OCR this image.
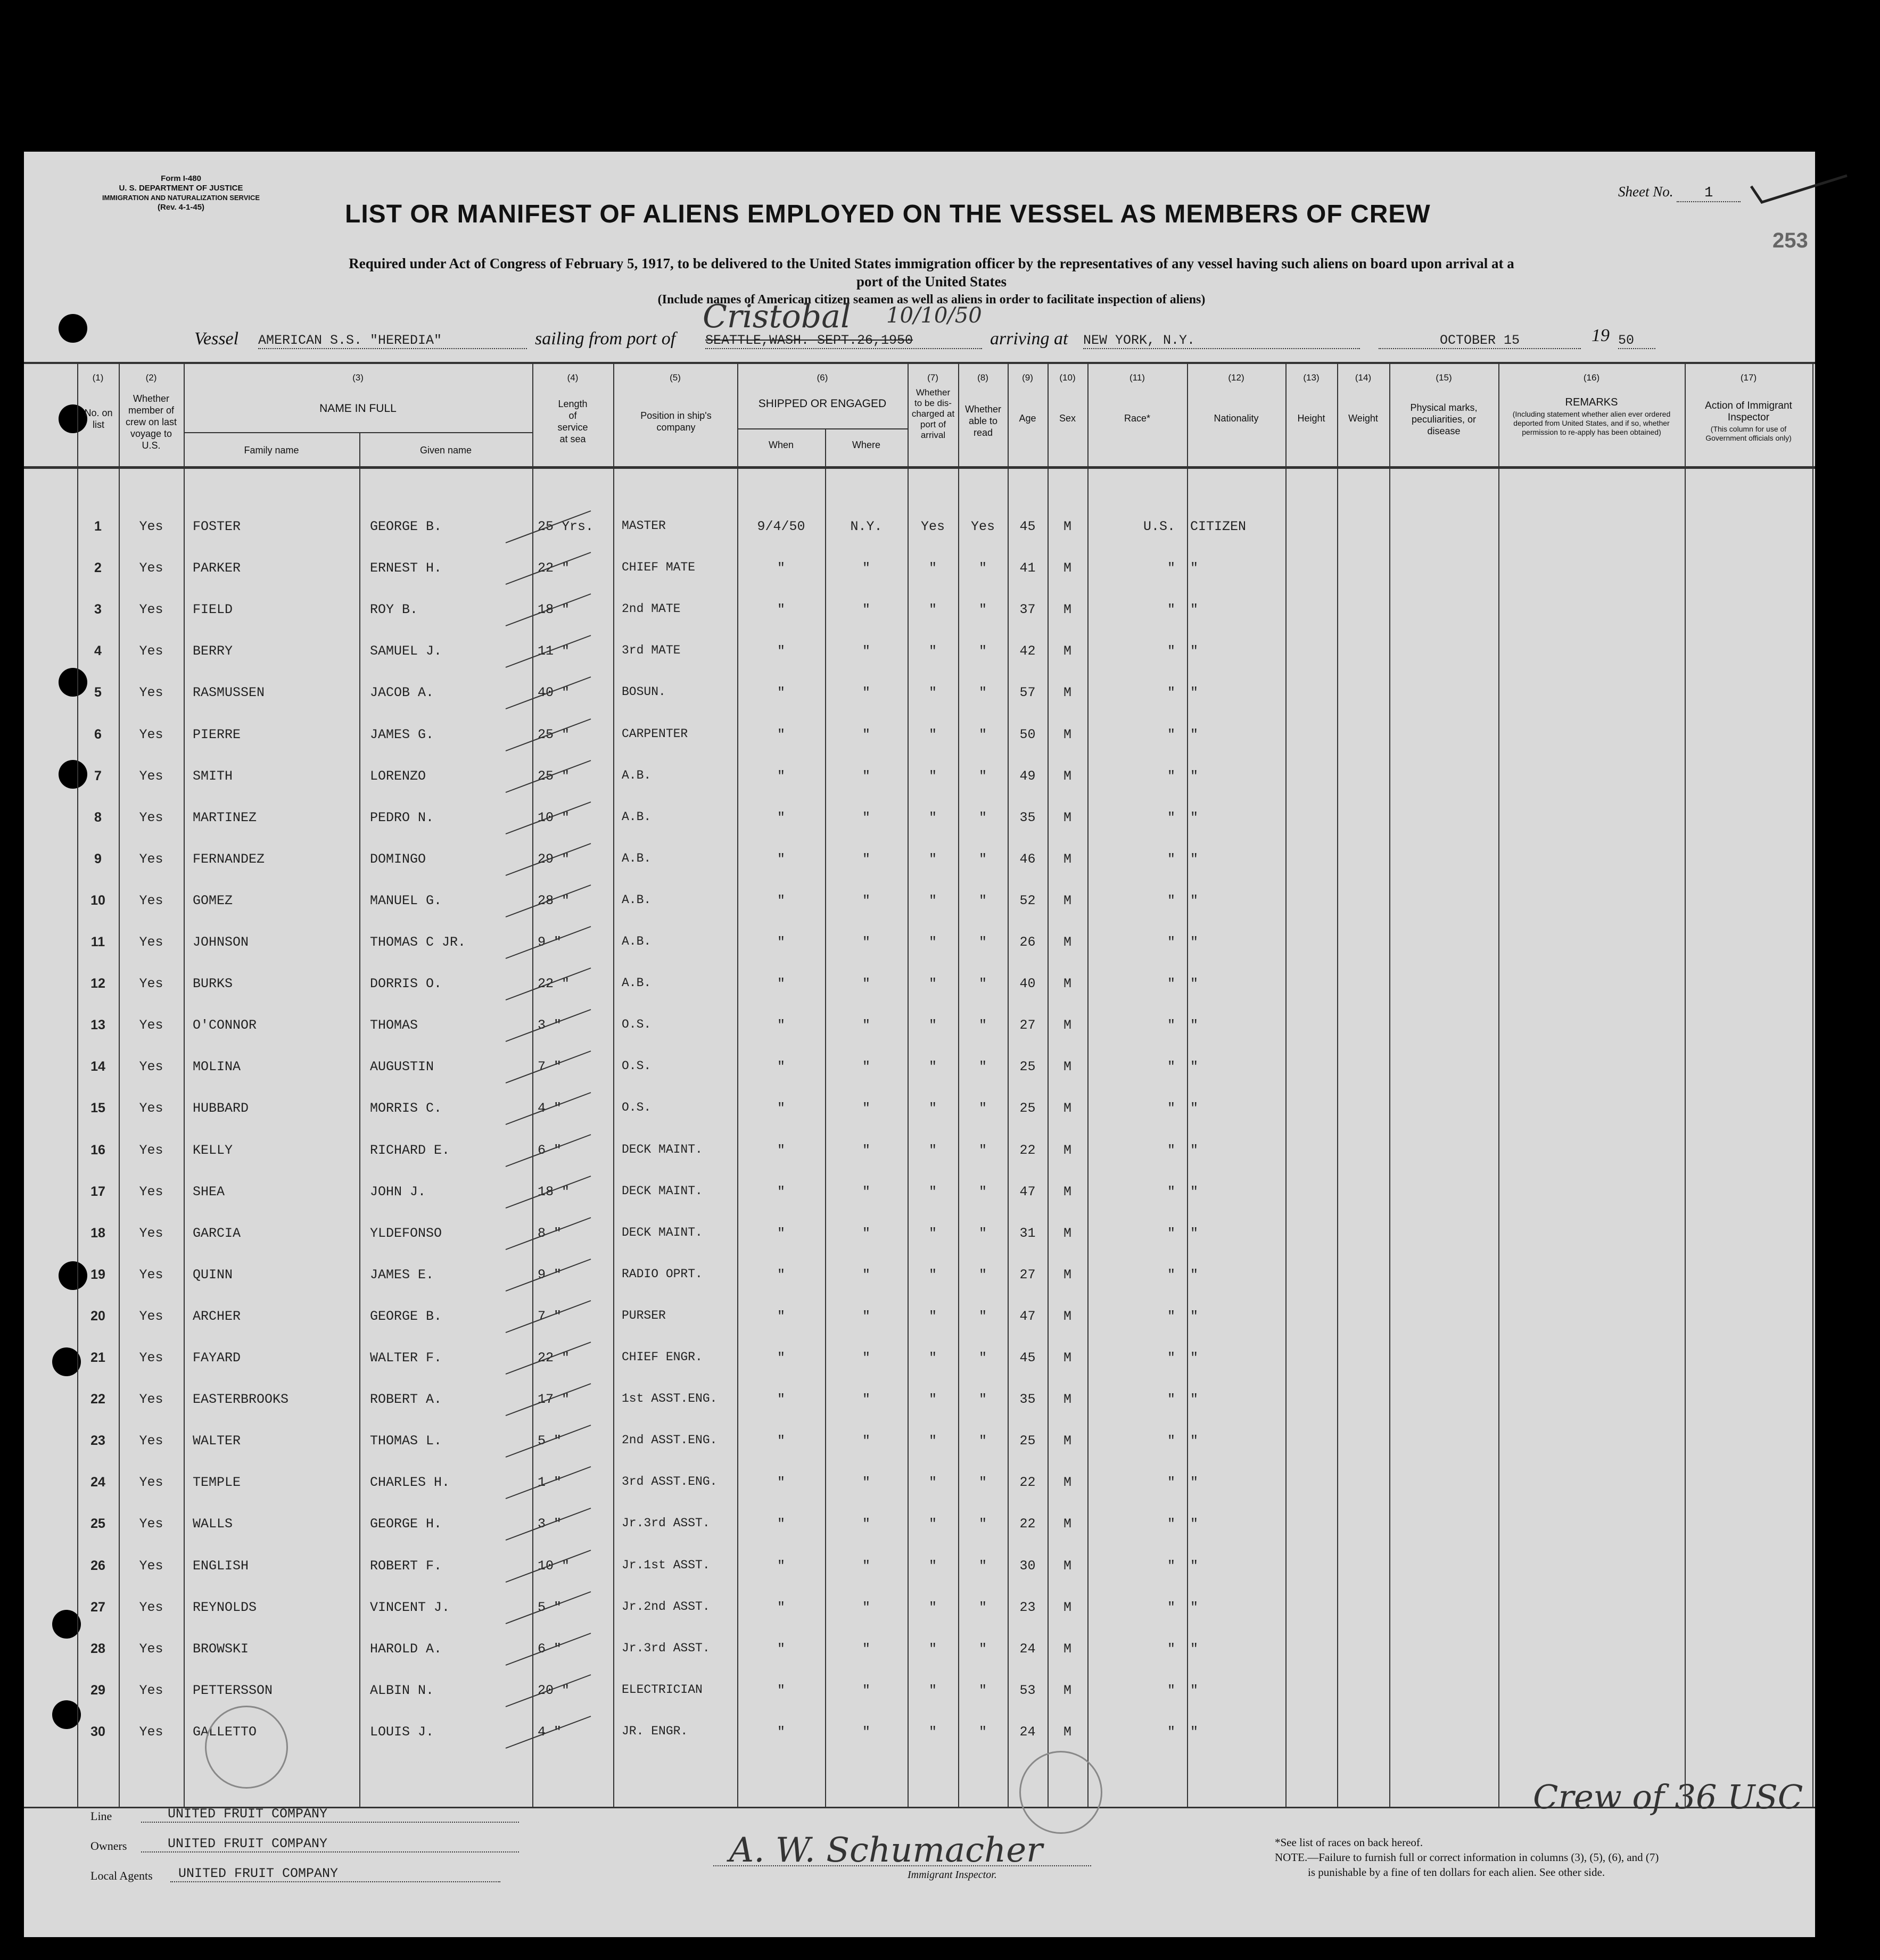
Form I-480
U. S. DEPARTMENT OF JUSTICE
IMMIGRATION AND NATURALIZATION SERVICE
(Rev. 4-1-45)
Sheet No. 1
253
LIST OR MANIFEST OF ALIENS EMPLOYED ON THE VESSEL AS MEMBERS OF CREW
Required under Act of Congress of February 5, 1917, to be delivered to the United States immigration officer by the representatives of any vessel having such aliens on board upon arrival at a
port of the United States
(Include names of American citizen seamen as well as aliens in order to facilitate inspection of aliens)
Vessel AMERICAN S.S. "HEREDIA"	sailing from port of SEATTLE,WASH. SEPT.26,1950
Cristobal 10/10/50
arriving at NEW YORK, N.Y.	OCTOBER 15	19 50
(1)	(2)	(3)	(4)	(5)	(6)	(7)	(8)	(9)	(10)	(11)	(12)	(13)	(14)	(15)	(16)	(17)
No. on list
Whether member of crew on last voyage to U.S.
NAME IN FULL
Family name	Given name
Length of service at sea
Position in ship's company
SHIPPED OR ENGAGED
When	Where
Whether to be dis-charged at port of arrival
Whether able to read
Age	Sex	Race*	Nationality	Height	Weight
Physical marks, peculiarities, or disease
REMARKS
(Including statement whether alien ever ordered deported from United States, and if so, whether permission to re-apply has been obtained)
Action of Immigrant Inspector
(This column for use of Government officials only)
1	Yes	FOSTER	GEORGE B.	25 Yrs.	MASTER	9/4/50	N.Y.	Yes	Yes	45	M	U.S. CITIZEN
2	Yes	PARKER	ERNEST H.	22 "	CHIEF MATE	"	"	"	"	41	M	" "
3	Yes	FIELD	ROY B.	18 "	2nd MATE	"	"	"	"	37	M	" "
4	Yes	BERRY	SAMUEL J.	11 "	3rd MATE	"	"	"	"	42	M	" "
5	Yes	RASMUSSEN	JACOB A.	40 "	BOSUN.	"	"	"	"	57	M	" "
6	Yes	PIERRE	JAMES G.	25 "	CARPENTER	"	"	"	"	50	M	" "
7	Yes	SMITH	LORENZO	25 "	A.B.	"	"	"	"	49	M	" "
8	Yes	MARTINEZ	PEDRO N.	10 "	A.B.	"	"	"	"	35	M	" "
9	Yes	FERNANDEZ	DOMINGO	29 "	A.B.	"	"	"	"	46	M	" "
10	Yes	GOMEZ	MANUEL G.	28 "	A.B.	"	"	"	"	52	M	" "
11	Yes	JOHNSON	THOMAS C JR.	9 "	A.B.	"	"	"	"	26	M	" "
12	Yes	BURKS	DORRIS O.	22 "	A.B.	"	"	"	"	40	M	" "
13	Yes	O'CONNOR	THOMAS	3 "	O.S.	"	"	"	"	27	M	" "
14	Yes	MOLINA	AUGUSTIN	7 "	O.S.	"	"	"	"	25	M	" "
15	Yes	HUBBARD	MORRIS C.	4 "	O.S.	"	"	"	"	25	M	" "
16	Yes	KELLY	RICHARD E.	6 "	DECK MAINT.	"	"	"	"	22	M	" "
17	Yes	SHEA	JOHN J.	18 "	DECK MAINT.	"	"	"	"	47	M	" "
18	Yes	GARCIA	YLDEFONSO	8 "	DECK MAINT.	"	"	"	"	31	M	" "
19	Yes	QUINN	JAMES E.	9 "	RADIO OPRT.	"	"	"	"	27	M	" "
20	Yes	ARCHER	GEORGE B.	7 "	PURSER	"	"	"	"	47	M	" "
21	Yes	FAYARD	WALTER F.	22 "	CHIEF ENGR.	"	"	"	"	45	M	" "
22	Yes	EASTERBROOKS	ROBERT A.	17 "	1st ASST.ENG.	"	"	"	"	35	M	" "
23	Yes	WALTER	THOMAS L.	5 "	2nd ASST.ENG.	"	"	"	"	25	M	" "
24	Yes	TEMPLE	CHARLES H.	1 "	3rd ASST.ENG.	"	"	"	"	22	M	" "
25	Yes	WALLS	GEORGE H.	3 "	Jr.3rd ASST.	"	"	"	"	22	M	" "
26	Yes	ENGLISH	ROBERT F.	10 "	Jr.1st ASST.	"	"	"	"	30	M	" "
27	Yes	REYNOLDS	VINCENT J.	5 "	Jr.2nd ASST.	"	"	"	"	23	M	" "
28	Yes	BROWSKI	HAROLD A.	6 "	Jr.3rd ASST.	"	"	"	"	24	M	" "
29	Yes	PETTERSSON	ALBIN N.	20 "	ELECTRICIAN	"	"	"	"	53	M	" "
30	Yes	GALLETTO	LOUIS J.	4 "	JR. ENGR.	"	"	"	"	24	M	" "
Line	UNITED FRUIT COMPANY
Owners	UNITED FRUIT COMPANY
Local Agents	UNITED FRUIT COMPANY
A. W. Schumacher
Immigrant Inspector.
Crew of 36 USC
*See list of races on back hereof.
NOTE.—Failure to furnish full or correct information in columns (3), (5), (6), and (7)
is punishable by a fine of ten dollars for each alien. See other side.
